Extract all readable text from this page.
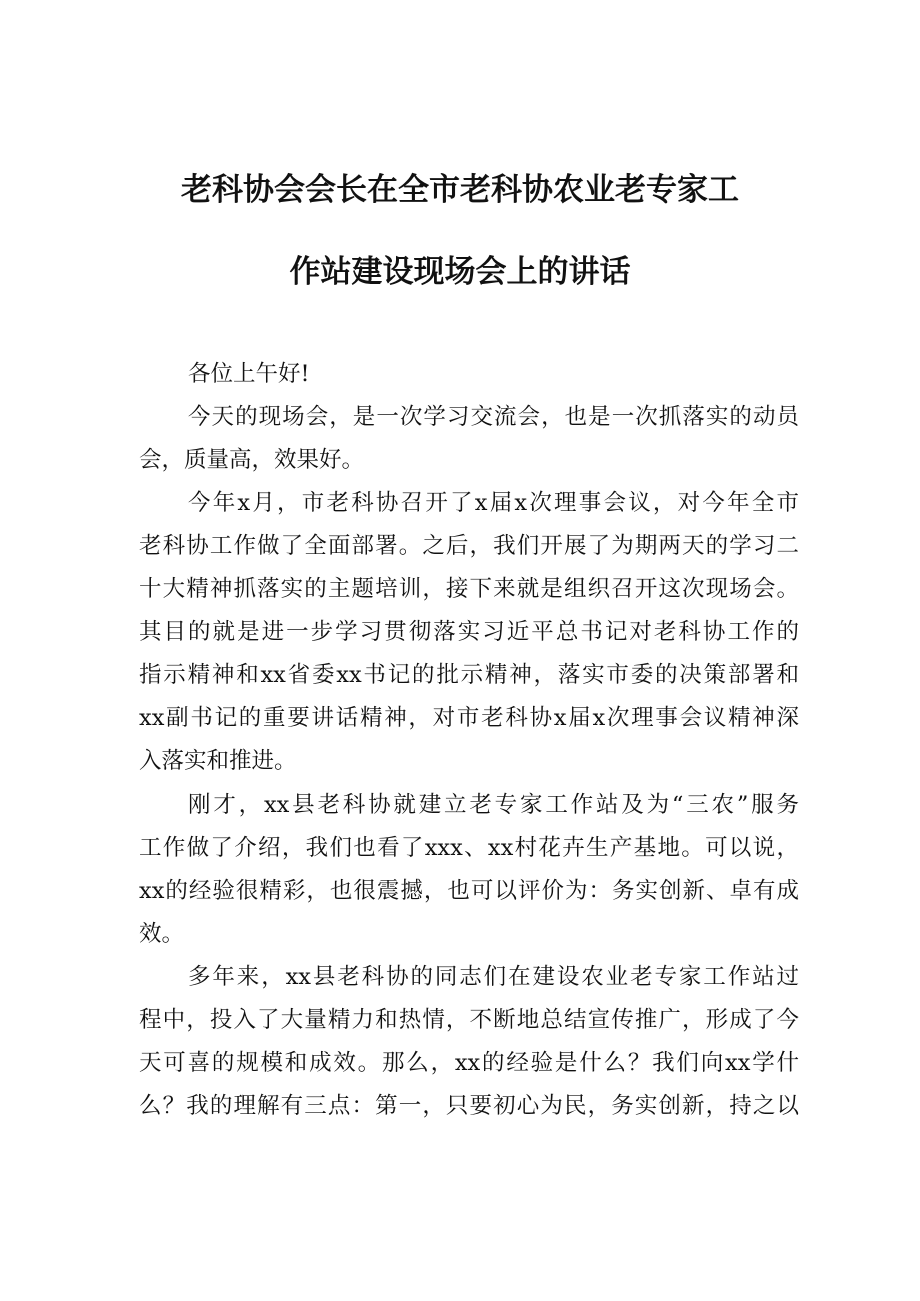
老科协会会长在全市老科协农业老专家工
作站建设现场会上的讲话
各位上午好!
今天的现场会，是一次学习交流会，也是一次抓落实的动员
会，质量高，效果好。
今年x月，市老科协召开了x届x次理事会议，对今年全市
老科协工作做了全面部署。之后，我们开展了为期两天的学习二
十大精神抓落实的主题培训，接下来就是组织召开这次现场会。
其目的就是进一步学习贯彻落实习近平总书记对老科协工作的
指示精神和xx省委xx书记的批示精神，落实市委的决策部署和
xx副书记的重要讲话精神，对市老科协x届x次理事会议精神深
入落实和推进。
刚才，xx县老科协就建立老专家工作站及为“三农”服务
工作做了介绍，我们也看了xxx、xx村花卉生产基地。可以说，
xx的经验很精彩，也很震撼，也可以评价为：务实创新、卓有成
效。
多年来，xx县老科协的同志们在建设农业老专家工作站过
程中，投入了大量精力和热情，不断地总结宣传推广，形成了今
天可喜的规模和成效。那么，xx的经验是什么？我们向xx学什
么？我的理解有三点：第一，只要初心为民，务实创新，持之以
